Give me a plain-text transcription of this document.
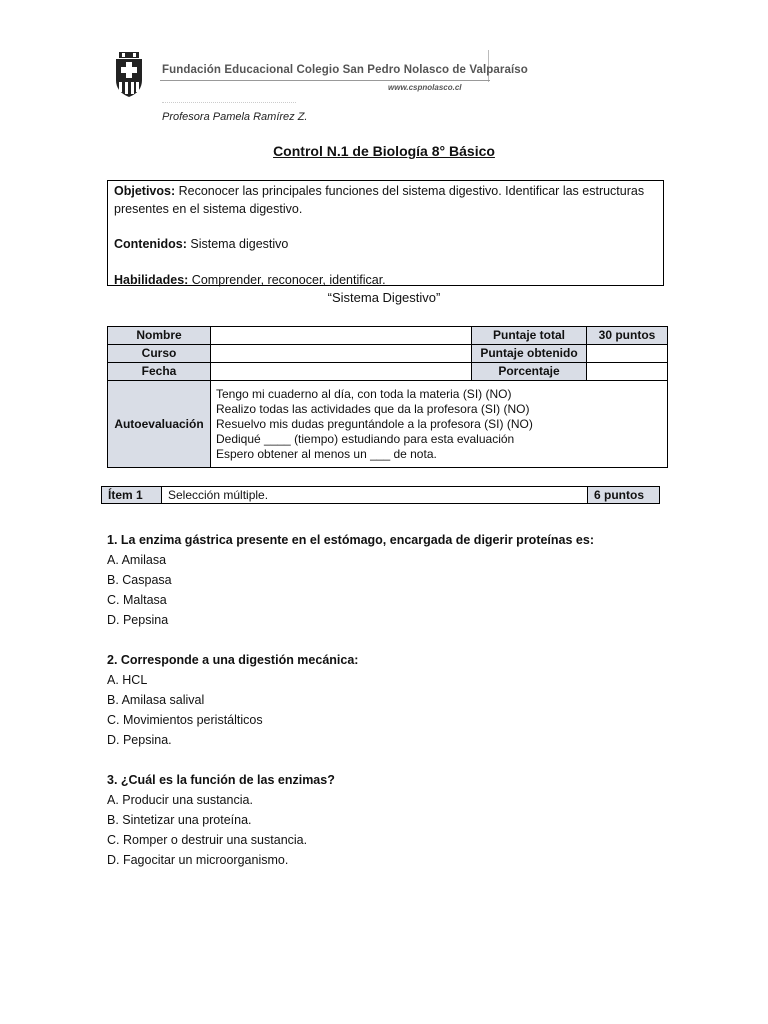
Fundación Educacional Colegio San Pedro Nolasco de Valparaíso
www.cspnolasco.cl
Profesora Pamela Ramírez Z.
Control N.1 de Biología 8° Básico

Objetivos: Reconocer las principales funciones del sistema digestivo. Identificar las estructuras presentes en el sistema digestivo.

Contenidos: Sistema digestivo

Habilidades: Comprender, reconocer, identificar.

“Sistema Digestivo”
Nombre		Puntaje total	30 puntos
Curso		Puntaje obtenido	
Fecha		Porcentaje	
Autoevaluación	Tengo mi cuaderno al día, con toda la materia (SI) (NO)
Realizo todas las actividades que da la profesora (SI) (NO)
Resuelvo mis dudas preguntándole a la profesora (SI) (NO)
Dediqué ____ (tiempo) estudiando para esta evaluación
Espero obtener al menos un ___ de nota.		
Ítem 1	Selección múltiple.	6 puntos
1. La enzima gástrica presente en el estómago, encargada de digerir proteínas es:
A. Amilasa
B. Caspasa
C. Maltasa
D. Pepsina
2. Corresponde a una digestión mecánica:
A. HCL
B. Amilasa salival
C. Movimientos peristálticos
D. Pepsina.
3. ¿Cuál es la función de las enzimas?
A. Producir una sustancia.
B. Sintetizar una proteína.
C. Romper o destruir una sustancia.
D. Fagocitar un microorganismo.
